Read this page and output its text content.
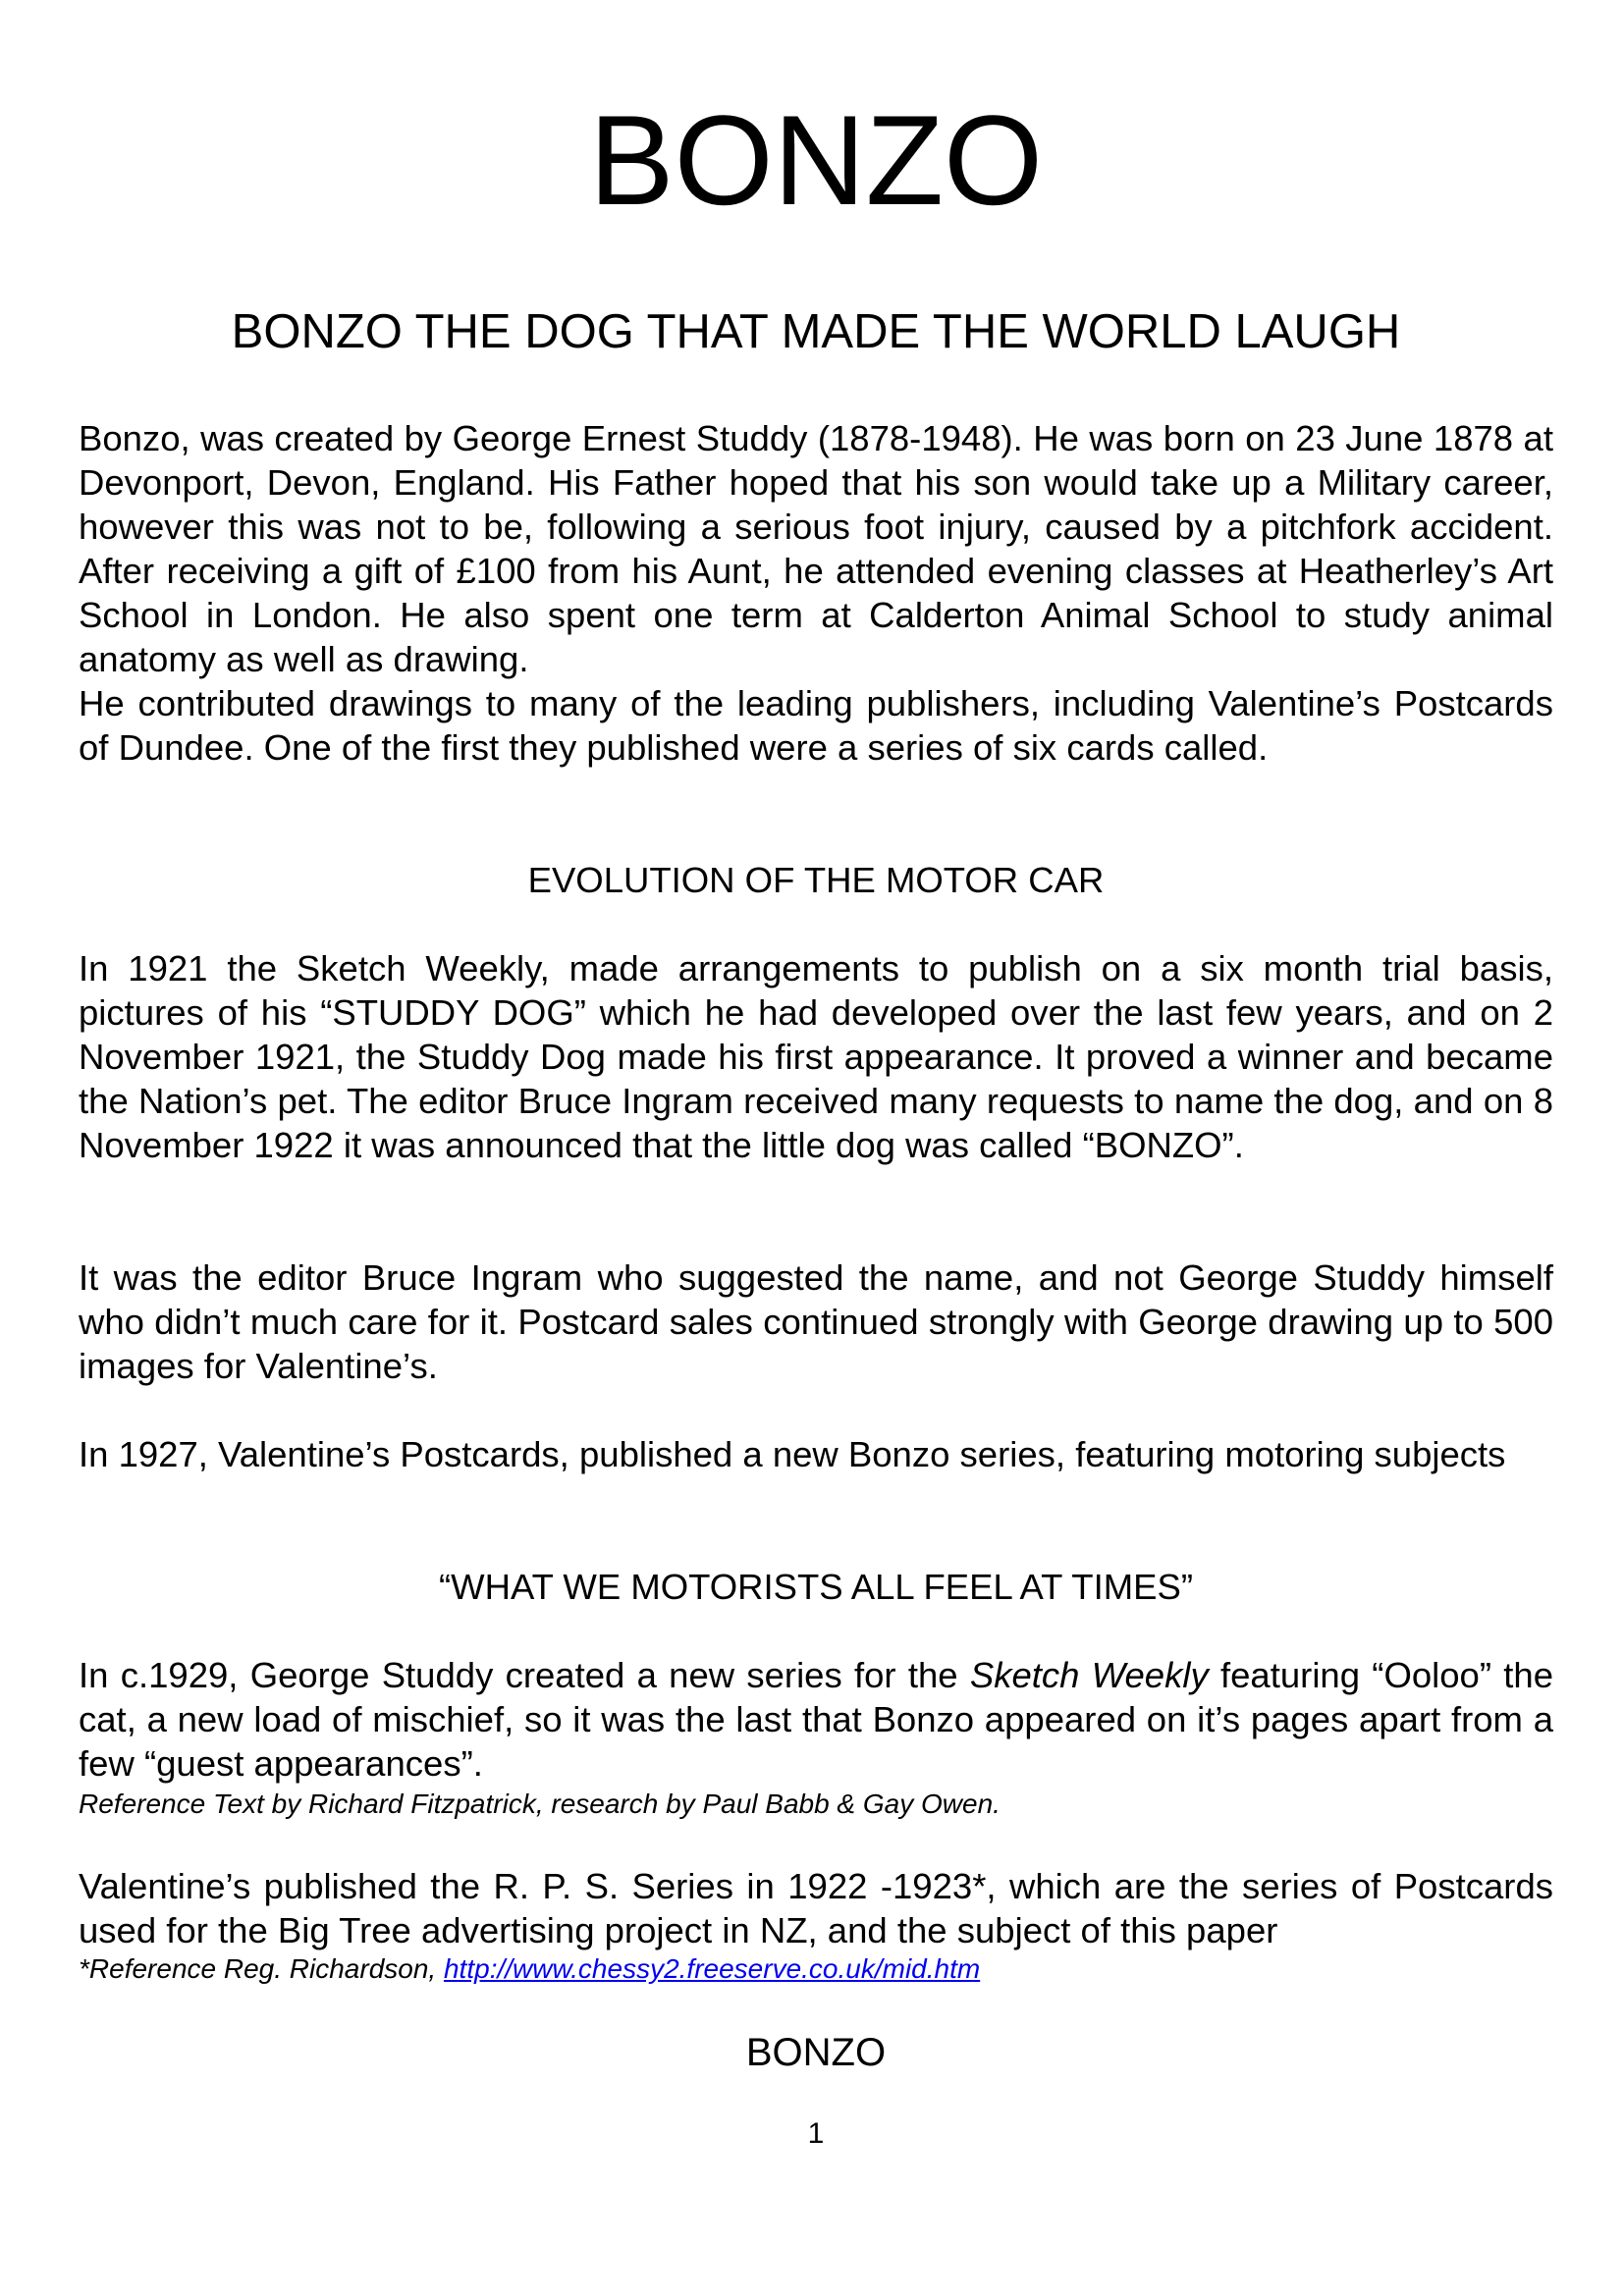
BONZO
BONZO THE DOG THAT MADE THE WORLD LAUGH

Bonzo, was created by George Ernest Studdy (1878-1948). He was born on 23 June 1878 at Devonport, Devon, England. His Father hoped that his son would take up a Military career, however this was not to be, following a serious foot injury, caused by a pitchfork accident. After receiving a gift of £100 from his Aunt, he attended evening classes at Heatherley’s Art School in London. He also spent one term at Calderton Animal School to study animal anatomy as well as drawing.

He contributed drawings to many of the leading publishers, including Valentine’s Postcards of Dundee. One of the first they published were a series of six cards called.

EVOLUTION OF THE MOTOR CAR

In 1921 the Sketch Weekly, made arrangements to publish on a six month trial basis, pictures of his “STUDDY DOG” which he had developed over the last few years, and on 2 November 1921, the Studdy Dog made his first appearance. It proved a winner and became the Nation’s pet. The editor Bruce Ingram received many requests to name the dog, and on 8 November 1922 it was announced that the little dog was called “BONZO”.

It was the editor Bruce Ingram who suggested the name, and not George Studdy himself who didn’t much care for it. Postcard sales continued strongly with George drawing up to 500 images for Valentine’s.

In 1927, Valentine’s Postcards, published a new Bonzo series, featuring motoring subjects

“WHAT WE MOTORISTS ALL FEEL AT TIMES”

In c.1929, George Studdy created a new series for the Sketch Weekly featuring “Ooloo” the cat, a new load of mischief, so it was the last that Bonzo appeared on it’s pages apart from a few “guest appearances”.

Reference Text by Richard Fitzpatrick, research by Paul Babb & Gay Owen.

Valentine’s published the R. P. S. Series in 1922 -1923*, which are the series of Postcards used for the Big Tree advertising project in NZ, and the subject of this paper

*Reference Reg. Richardson, http://www.chessy2.freeserve.co.uk/mid.htm

BONZO

1
